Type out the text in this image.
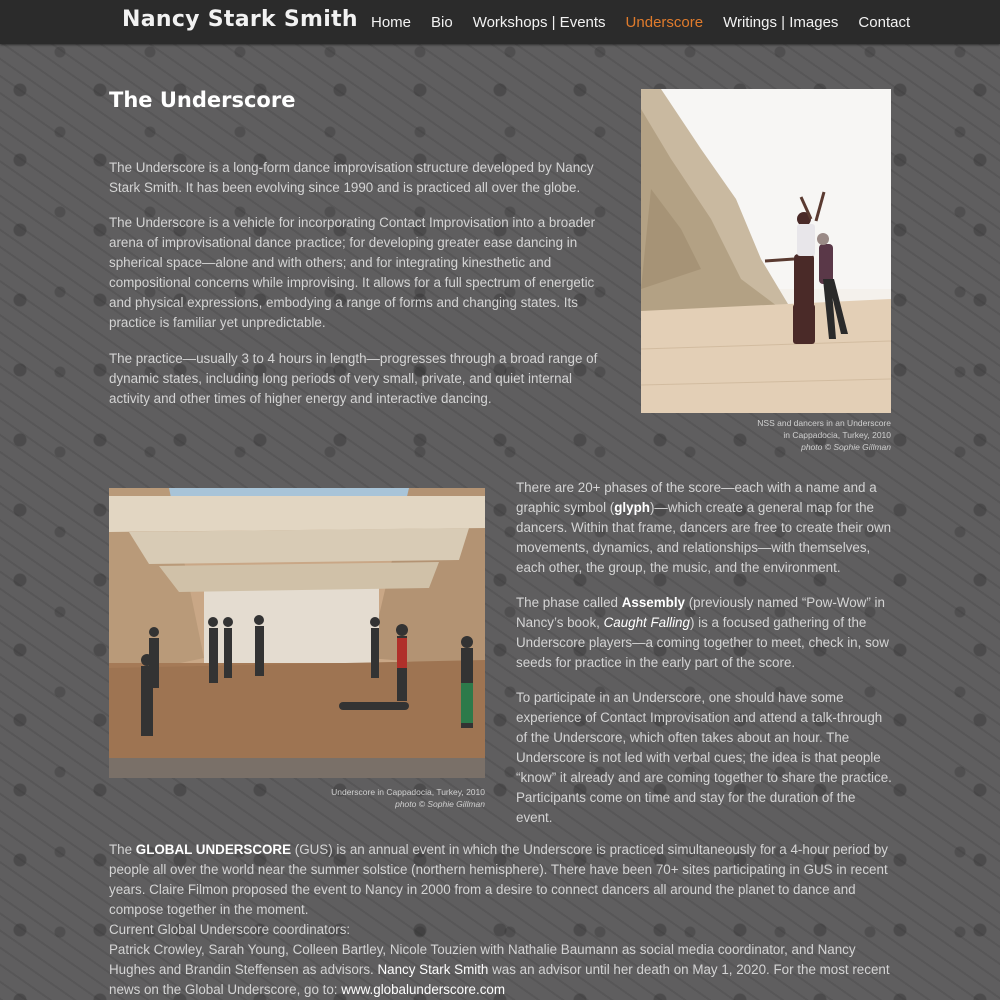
Nancy Stark Smith Home Bio Workshops | Events Underscore Writings | Images Contact
The Underscore

The Underscore is a long-form dance improvisation structure developed by Nancy Stark Smith. It has been evolving since 1990 and is practiced all over the globe.

The Underscore is a vehicle for incorporating Contact Improvisation into a broader arena of improvisational dance practice; for developing greater ease dancing in spherical space—alone and with others; and for integrating kinesthetic and compositional concerns while improvising. It allows for a full spectrum of energetic and physical expressions, embodying a range of forms and changing states. Its practice is familiar yet unpredictable.

The practice—usually 3 to 4 hours in length—progresses through a broad range of dynamic states, including long periods of very small, private, and quiet internal activity and other times of higher energy and interactive dancing.

NSS and dancers in an Underscore
in Cappadocia, Turkey, 2010
photo © Sophie Gillman
Underscore in Cappadocia, Turkey, 2010
photo © Sophie Gillman

There are 20+ phases of the score—each with a name and a graphic symbol (glyph)—which create a general map for the dancers. Within that frame, dancers are free to create their own movements, dynamics, and relationships—with themselves, each other, the group, the music, and the environment.

The phase called Assembly (previously named “Pow-Wow” in Nancy’s book, Caught Falling) is a focused gathering of the Underscore players—a coming together to meet, check in, sow seeds for practice in the early part of the score.

To participate in an Underscore, one should have some experience of Contact Improvisation and attend a talk-through of the Underscore, which often takes about an hour. The Underscore is not led with verbal cues; the idea is that people “know” it already and are coming together to share the practice. Participants come on time and stay for the duration of the event.

The GLOBAL UNDERSCORE (GUS) is an annual event in which the Underscore is practiced simultaneously for a 4-hour period by people all over the world near the summer solstice (northern hemisphere). There have been 70+ sites participating in GUS in recent years. Claire Filmon proposed the event to Nancy in 2000 from a desire to connect dancers all around the planet to dance and compose together in the moment.
Current Global Underscore coordinators:
Patrick Crowley, Sarah Young, Colleen Bartley, Nicole Touzien with Nathalie Baumann as social media coordinator, and Nancy Hughes and Brandin Steffensen as advisors. Nancy Stark Smith was an advisor until her death on May 1, 2020. For the most recent news on the Global Underscore, go to: www.globalunderscore.com
